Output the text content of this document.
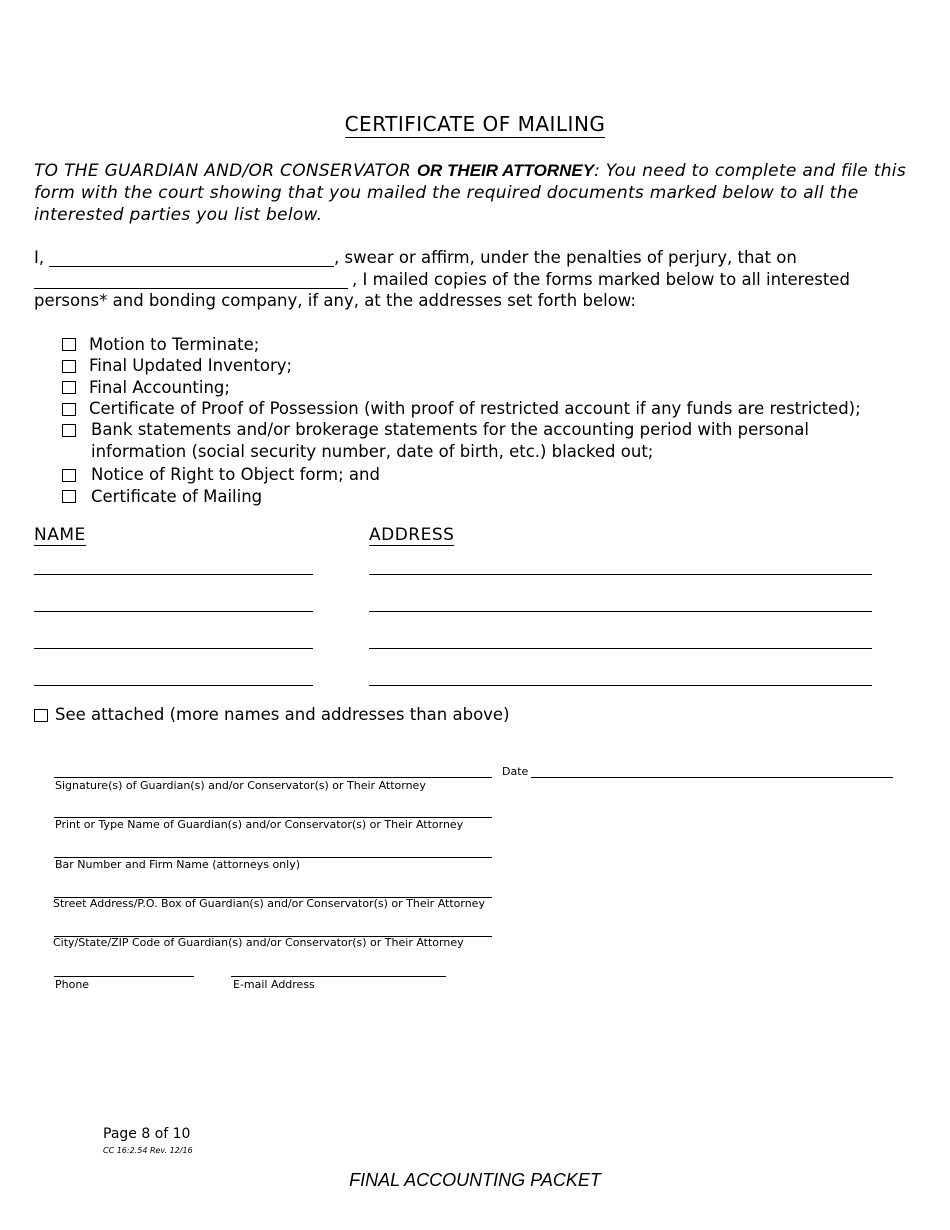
CERTIFICATE OF MAILING
TO THE GUARDIAN AND/OR CONSERVATOR OR THEIR ATTORNEY: You need to complete and file this form with the court showing that you mailed the required documents marked below to all the interested parties you list below.
I,	, swear or affirm, under the penalties of perjury, that on
, I mailed copies of the forms marked below to all interested
persons* and bonding company, if any, at the addresses set forth below:
Motion to Terminate;
Final Updated Inventory;
Final Accounting;
Certificate of Proof of Possession (with proof of restricted account if any funds are restricted);
Bank statements and/or brokerage statements for the accounting period with personal
information (social security number, date of birth, etc.) blacked out;
Notice of Right to Object form; and
Certificate of Mailing
NAME	ADDRESS
See attached (more names and addresses than above)
Date
Signature(s) of Guardian(s) and/or Conservator(s) or Their Attorney
Print or Type Name of Guardian(s) and/or Conservator(s) or Their Attorney
Bar Number and Firm Name (attorneys only)
Street Address/P.O. Box of Guardian(s) and/or Conservator(s) or Their Attorney
City/State/ZIP Code of Guardian(s) and/or Conservator(s) or Their Attorney
Phone	E-mail Address
Page 8 of 10
CC 16:2.54 Rev. 12/16
FINAL ACCOUNTING PACKET
